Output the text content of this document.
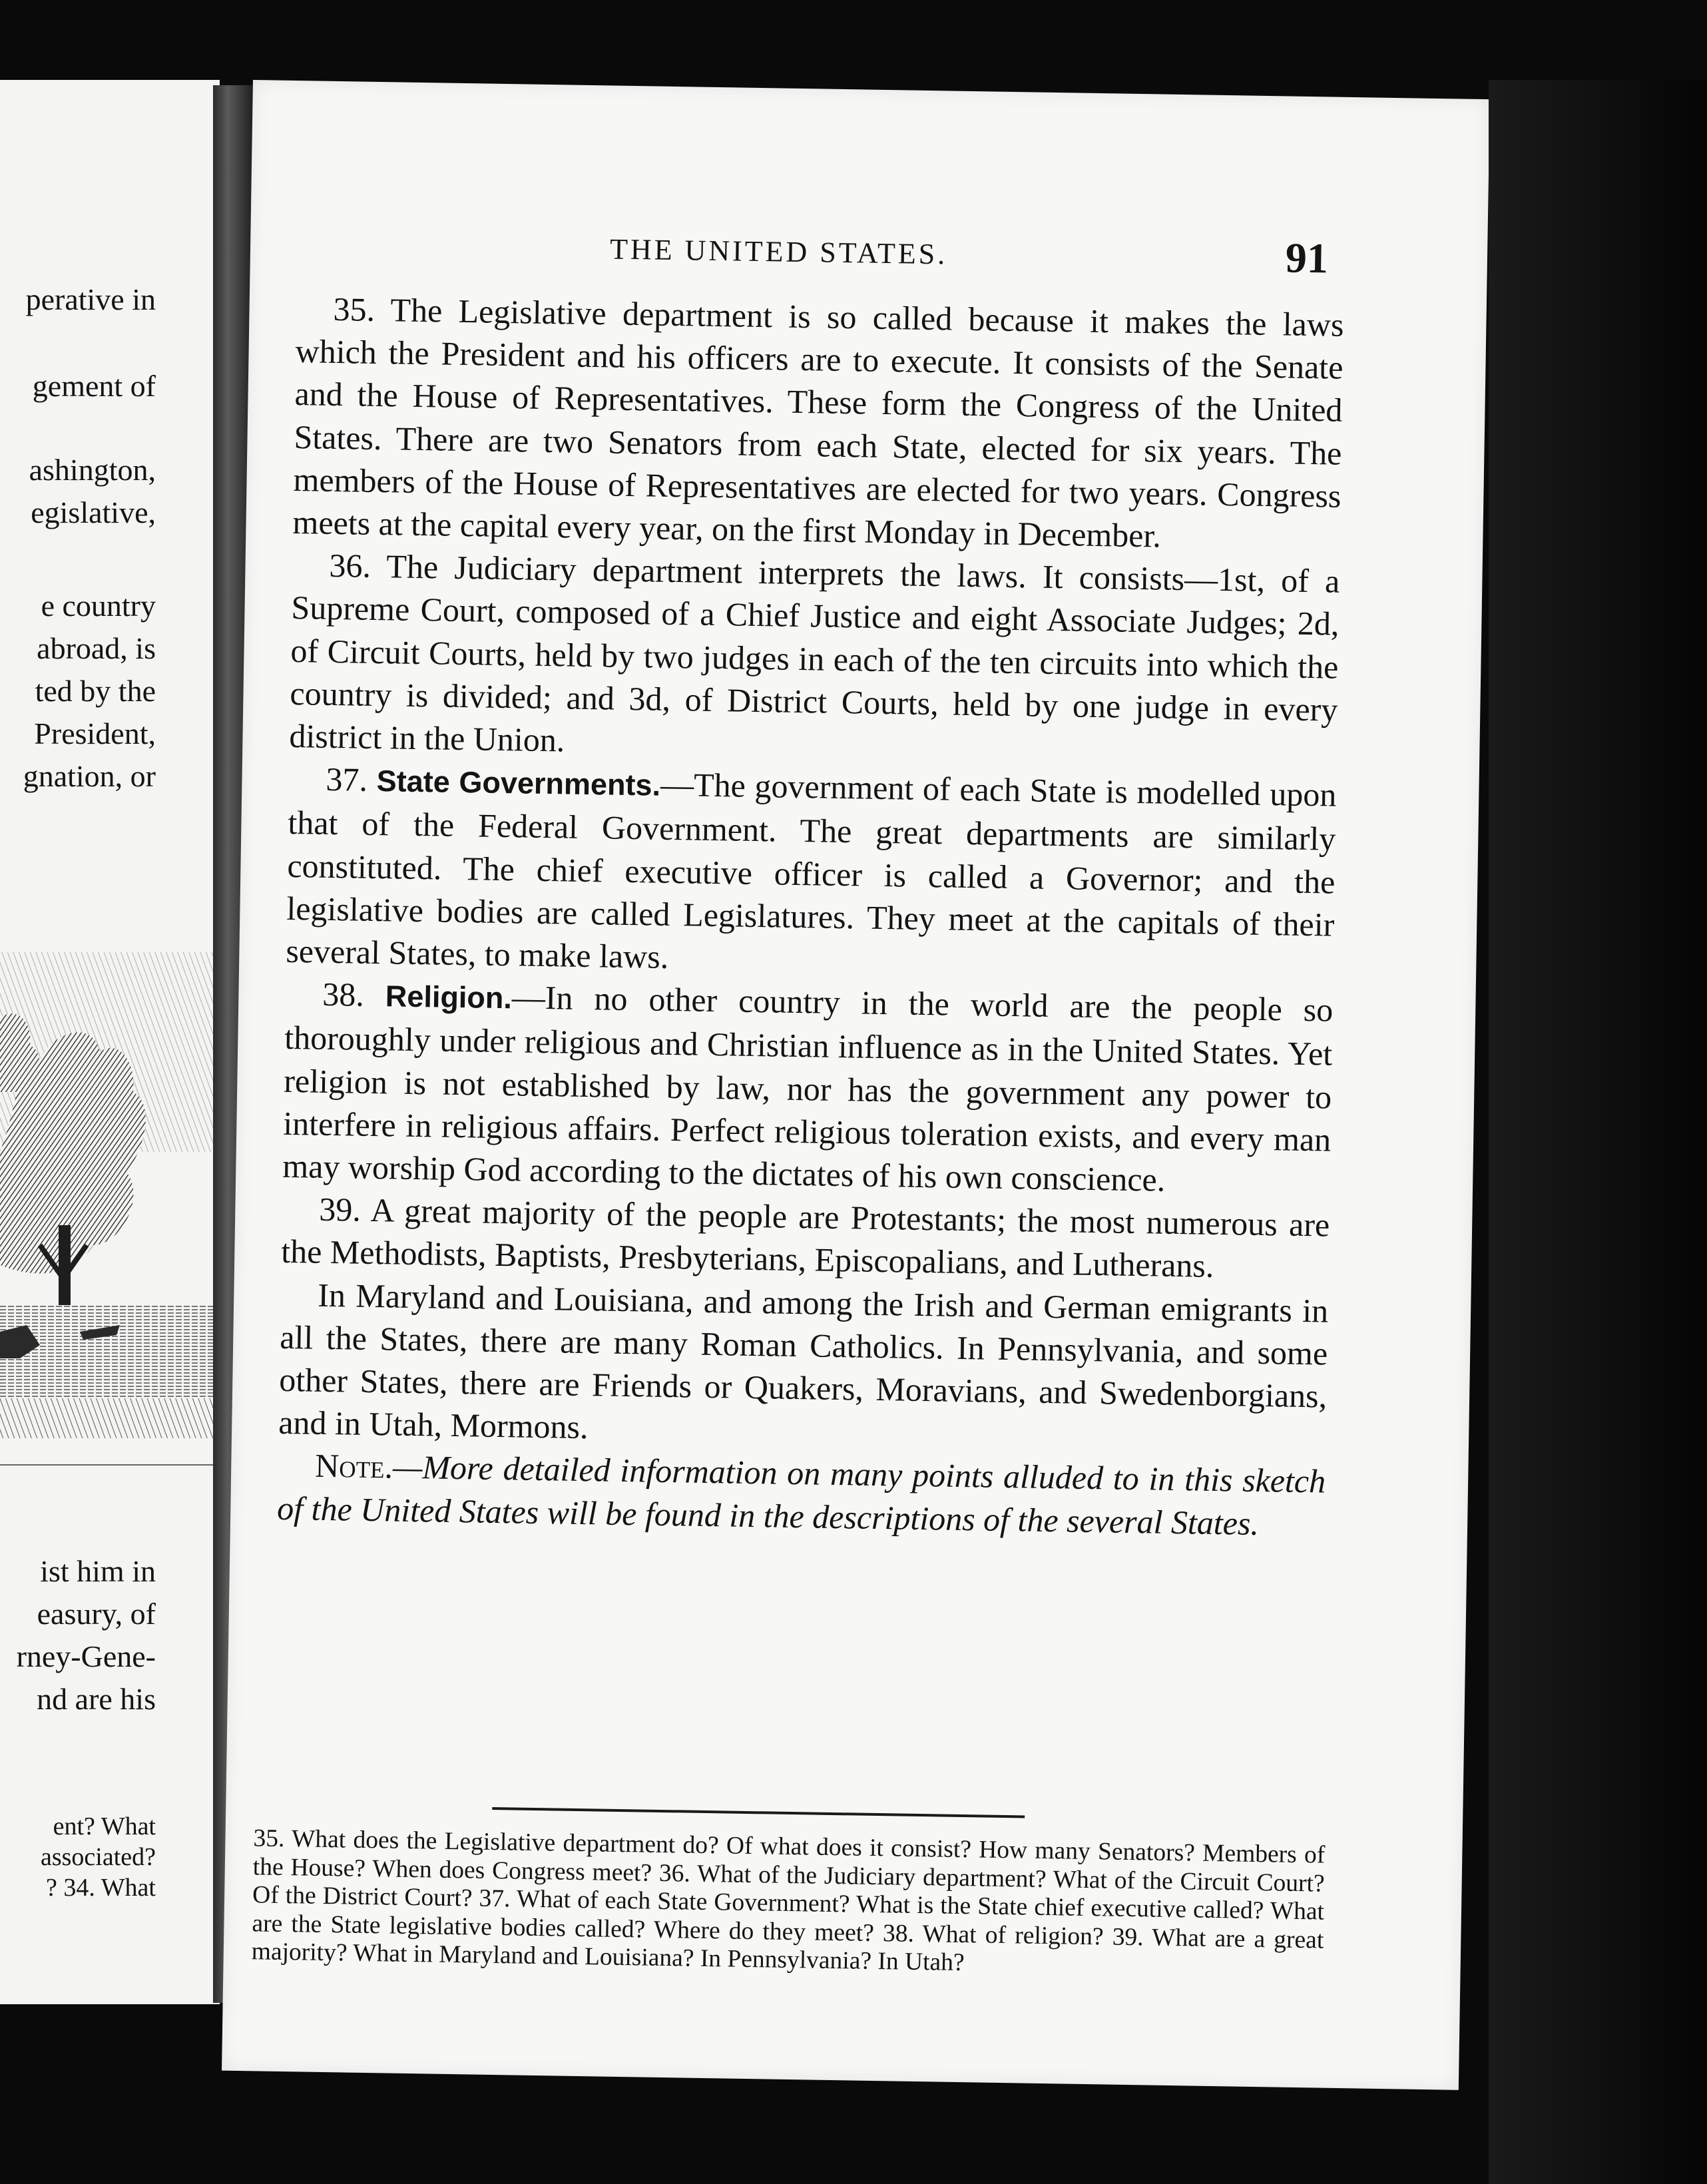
perative in
gement of
ashington,
egislative,
e country
abroad, is
ted by the
President,
gnation, or
ist him in
easury, of
rney-Gene-
nd are his
ent? What
associated?
? 34. What
THE UNITED STATES.	91

35. The Legislative department is so called because it makes the laws which the President and his officers are to execute. It consists of the Senate and the House of Representatives. These form the Congress of the United States. There are two Senators from each State, elected for six years. The members of the House of Representatives are elected for two years. Congress meets at the capital every year, on the first Monday in December.

36. The Judiciary department interprets the laws. It consists—1st, of a Supreme Court, composed of a Chief Justice and eight Associate Judges; 2d, of Circuit Courts, held by two judges in each of the ten circuits into which the country is divided; and 3d, of District Courts, held by one judge in every district in the Union.

37. State Governments.—The government of each State is modelled upon that of the Federal Government. The great departments are similarly constituted. The chief executive officer is called a Governor; and the legislative bodies are called Legislatures. They meet at the capitals of their several States, to make laws.

38. Religion.—In no other country in the world are the people so thoroughly under religious and Christian influence as in the United States. Yet religion is not established by law, nor has the government any power to interfere in religious affairs. Perfect religious toleration exists, and every man may worship God according to the dictates of his own conscience.

39. A great majority of the people are Protestants; the most numerous are the Methodists, Baptists, Presbyterians, Episcopalians, and Lutherans.

In Maryland and Louisiana, and among the Irish and German emigrants in all the States, there are many Roman Catholics. In Pennsylvania, and some other States, there are Friends or Quakers, Moravians, and Swedenborgians, and in Utah, Mormons.

Note.—More detailed information on many points alluded to in this sketch of the United States will be found in the descriptions of the several States.

35. What does the Legislative department do? Of what does it consist? How many Senators? Members of the House? When does Congress meet? 36. What of the Judiciary department? What of the Circuit Court? Of the District Court? 37. What of each State Government? What is the State chief executive called? What are the State legislative bodies called? Where do they meet? 38. What of religion? 39. What are a great majority? What in Maryland and Louisiana? In Pennsylvania? In Utah?
